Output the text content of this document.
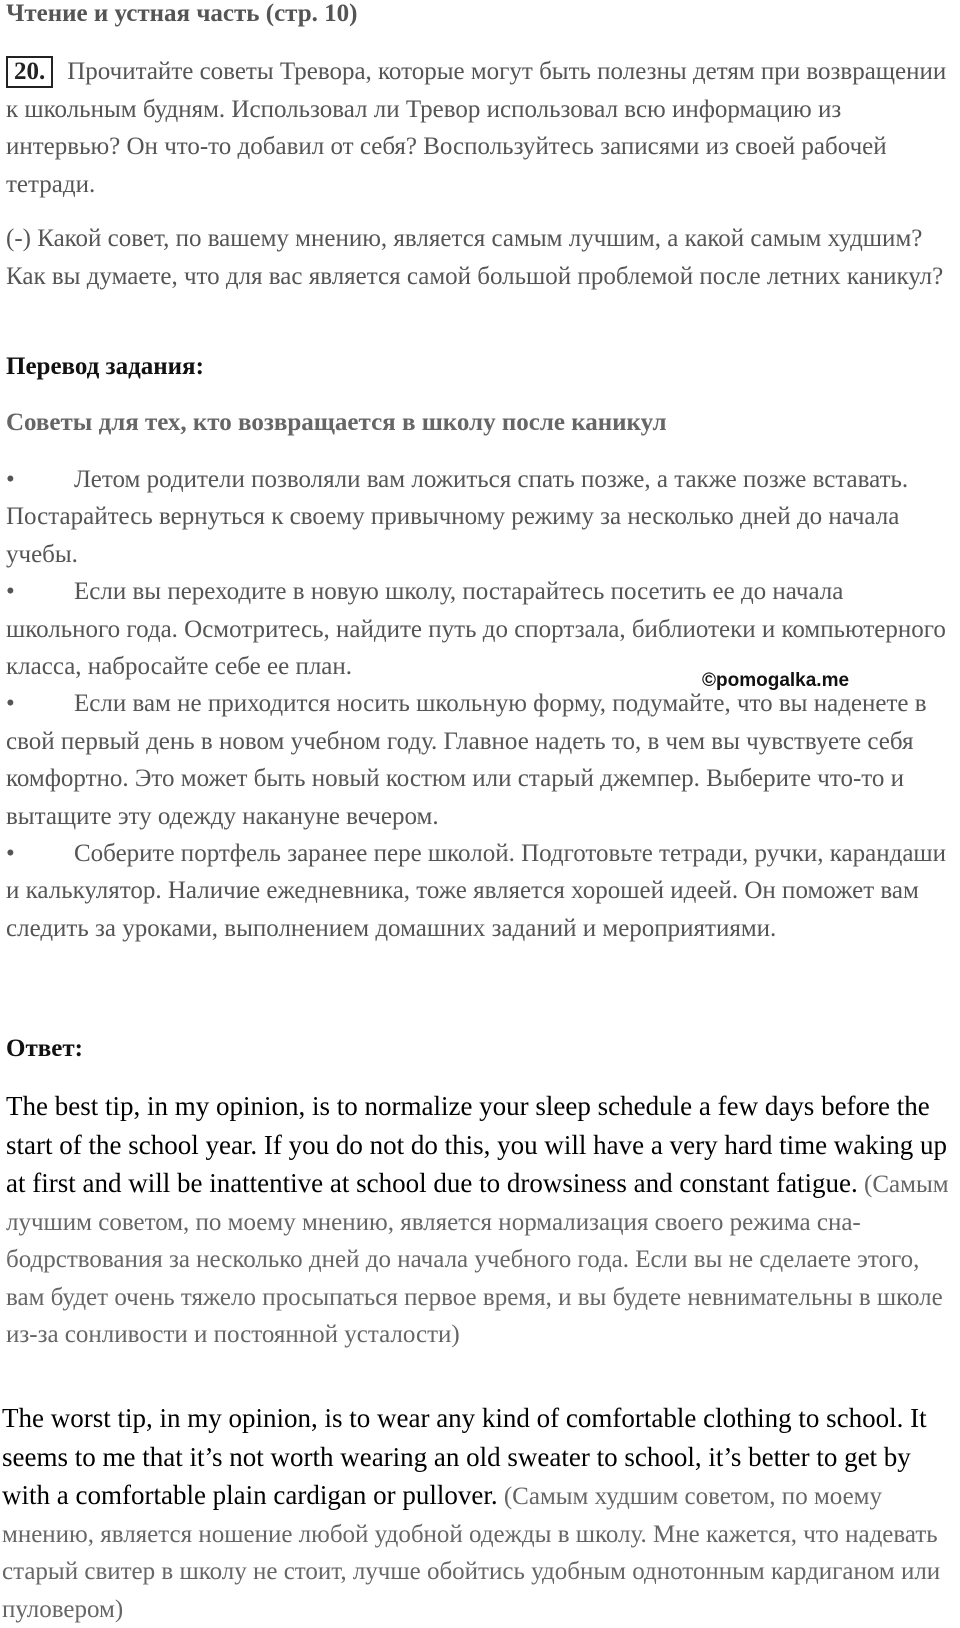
Чтение и устная часть (стр. 10)

20. Прочитайте советы Тревора, которые могут быть полезны детям при возвращении к школьным будням. Использовал ли Тревор использовал всю информацию из интервью? Он что-то добавил от себя? Воспользуйтесь записями из своей рабочей тетради.

(-) Какой совет, по вашему мнению, является самым лучшим, а какой самым худшим? Как вы думаете, что для вас является самой большой проблемой после летних каникул?

Перевод задания:
Советы для тех, кто возвращается в школу после каникул

• Летом родители позволяли вам ложиться спать позже, а также позже вставать. Постарайтесь вернуться к своему привычному режиму за несколько дней до начала учебы.

• Если вы переходите в новую школу, постарайтесь посетить ее до начала школьного года. Осмотритесь, найдите путь до спортзала, библиотеки и компьютерного класса, набросайте себе ее план.

• Если вам не приходится носить школьную форму, подумайте, что вы наденете в свой первый день в новом учебном году. Главное надеть то, в чем вы чувствуете себя комфортно. Это может быть новый костюм или старый джемпер. Выберите что-то и вытащите эту одежду накануне вечером.

• Соберите портфель заранее пере школой. Подготовьте тетради, ручки, карандаши и калькулятор. Наличие ежедневника, тоже является хорошей идеей. Он поможет вам следить за уроками, выполнением домашних заданий и мероприятиями.

©pomogalka.me
Ответ:

The best tip, in my opinion, is to normalize your sleep schedule a few days before the start of the school year. If you do not do this, you will have a very hard time waking up at first and will be inattentive at school due to drowsiness and constant fatigue. (Самым лучшим советом, по моему мнению, является нормализация своего режима сна-бодрствования за несколько дней до начала учебного года. Если вы не сделаете этого, вам будет очень тяжело просыпаться первое время, и вы будете невнимательны в школе из-за сонливости и постоянной усталости)

The worst tip, in my opinion, is to wear any kind of comfortable clothing to school. It seems to me that it’s not worth wearing an old sweater to school, it’s better to get by with a comfortable plain cardigan or pullover. (Самым худшим советом, по моему мнению, является ношение любой удобной одежды в школу. Мне кажется, что надевать старый свитер в школу не стоит, лучше обойтись удобным однотонным кардиганом или пуловером)
